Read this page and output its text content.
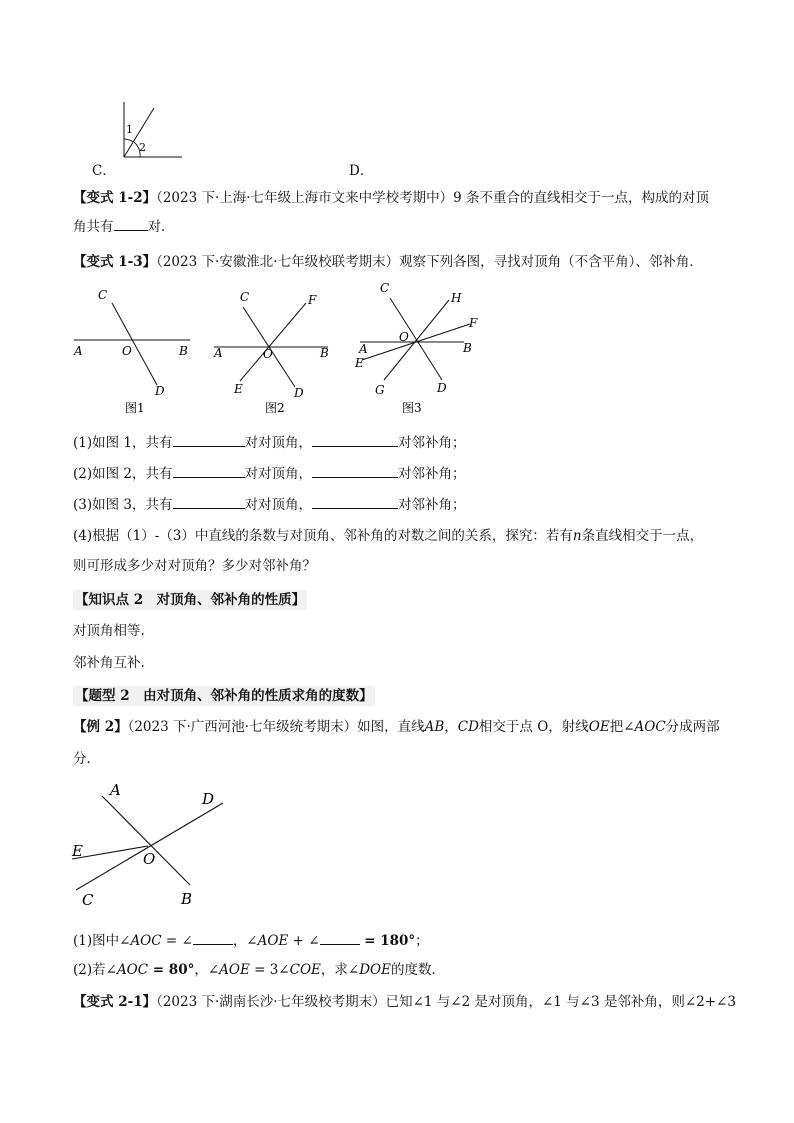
1
2
C．	D．
【变式 1-2】（2023 下·上海·七年级上海市文来中学校考期中）9 条不重合的直线相交于一点，构成的对顶
角共有	对．
【变式 1-3】（2023 下·安徽淮北·七年级校联考期末）观察下列各图，寻找对顶角（不含平角）、邻补角．
C
A	O	B
D
图1
C	F
A	O	B
E	D
图2
C
H
F
O
A
E
B
G	D
图3
(1)如图 1，共有	对对顶角，	对邻补角；
(2)如图 2，共有	对对顶角，	对邻补角；
(3)如图 3，共有	对对顶角，	对邻补角；
(4)根据（1）-（3）中直线的条数与对顶角、邻补角的对数之间的关系，探究：若有n条直线相交于一点，
则可形成多少对对顶角？多少对邻补角？
【知识点 2　对顶角、邻补角的性质】
对顶角相等.
邻补角互补.
【题型 2　由对顶角、邻补角的性质求角的度数】
【例 2】（2023 下·广西河池·七年级统考期末）如图，直线AB，CD相交于点 O，射线OE把∠AOC分成两部
分．
A	D
E	O
C	B
(1)图中∠AOC = ∠	，∠AOE + ∠	= 180°；
(2)若∠AOC = 80°，∠AOE = 3∠COE，求∠DOE的度数．
【变式 2-1】（2023 下·湖南长沙·七年级校考期末）已知∠1 与∠2 是对顶角，∠1 与∠3 是邻补角，则∠2+∠3
